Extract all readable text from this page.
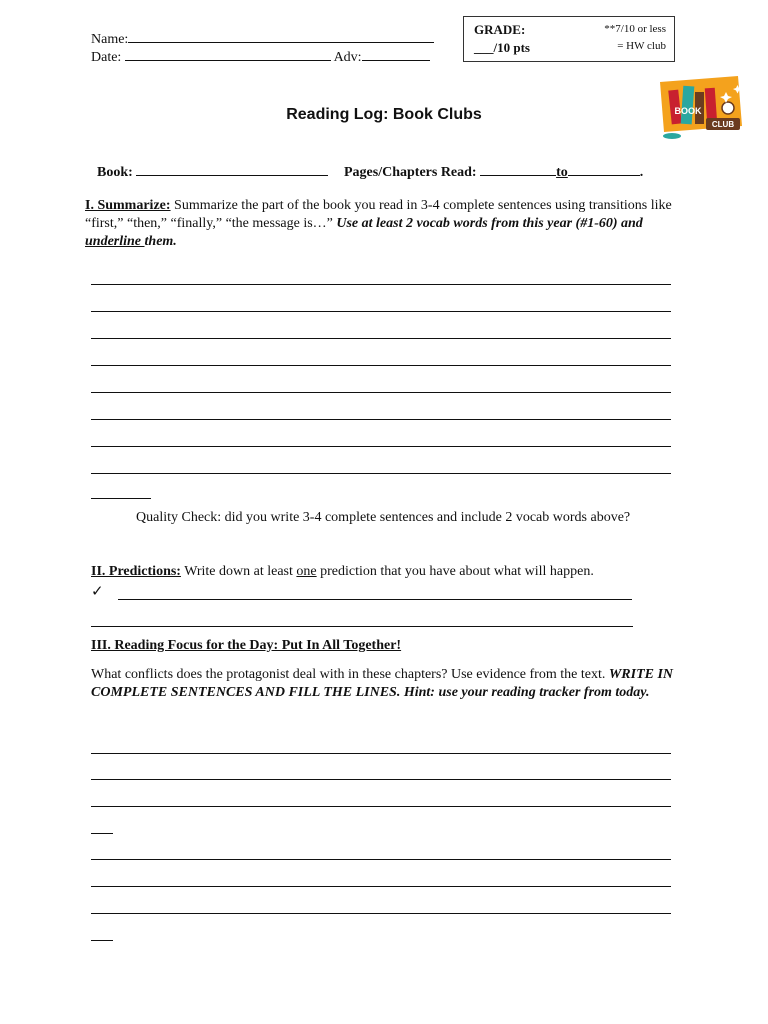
Name:
Date:	Adv:
GRADE:
___/10 pts
**7/10 or less
= HW club
Reading Log: Book Clubs
CLUB
BOOK
Book:	Pages/Chapters Read:	to	.
I. Summarize: Summarize the part of the book you read in 3-4 complete sentences using transitions like “first,” “then,” “finally,” “the message is…” Use at least 2 vocab words from this year (#1-60) and underline them.
Quality Check: did you write 3-4 complete sentences and include 2 vocab words above?
II. Predictions: Write down at least one prediction that you have about what will happen.
✓
III. Reading Focus for the Day: Put In All Together!
What conflicts does the protagonist deal with in these chapters? Use evidence from the text. WRITE IN COMPLETE SENTENCES AND FILL THE LINES. Hint: use your reading tracker from today.
